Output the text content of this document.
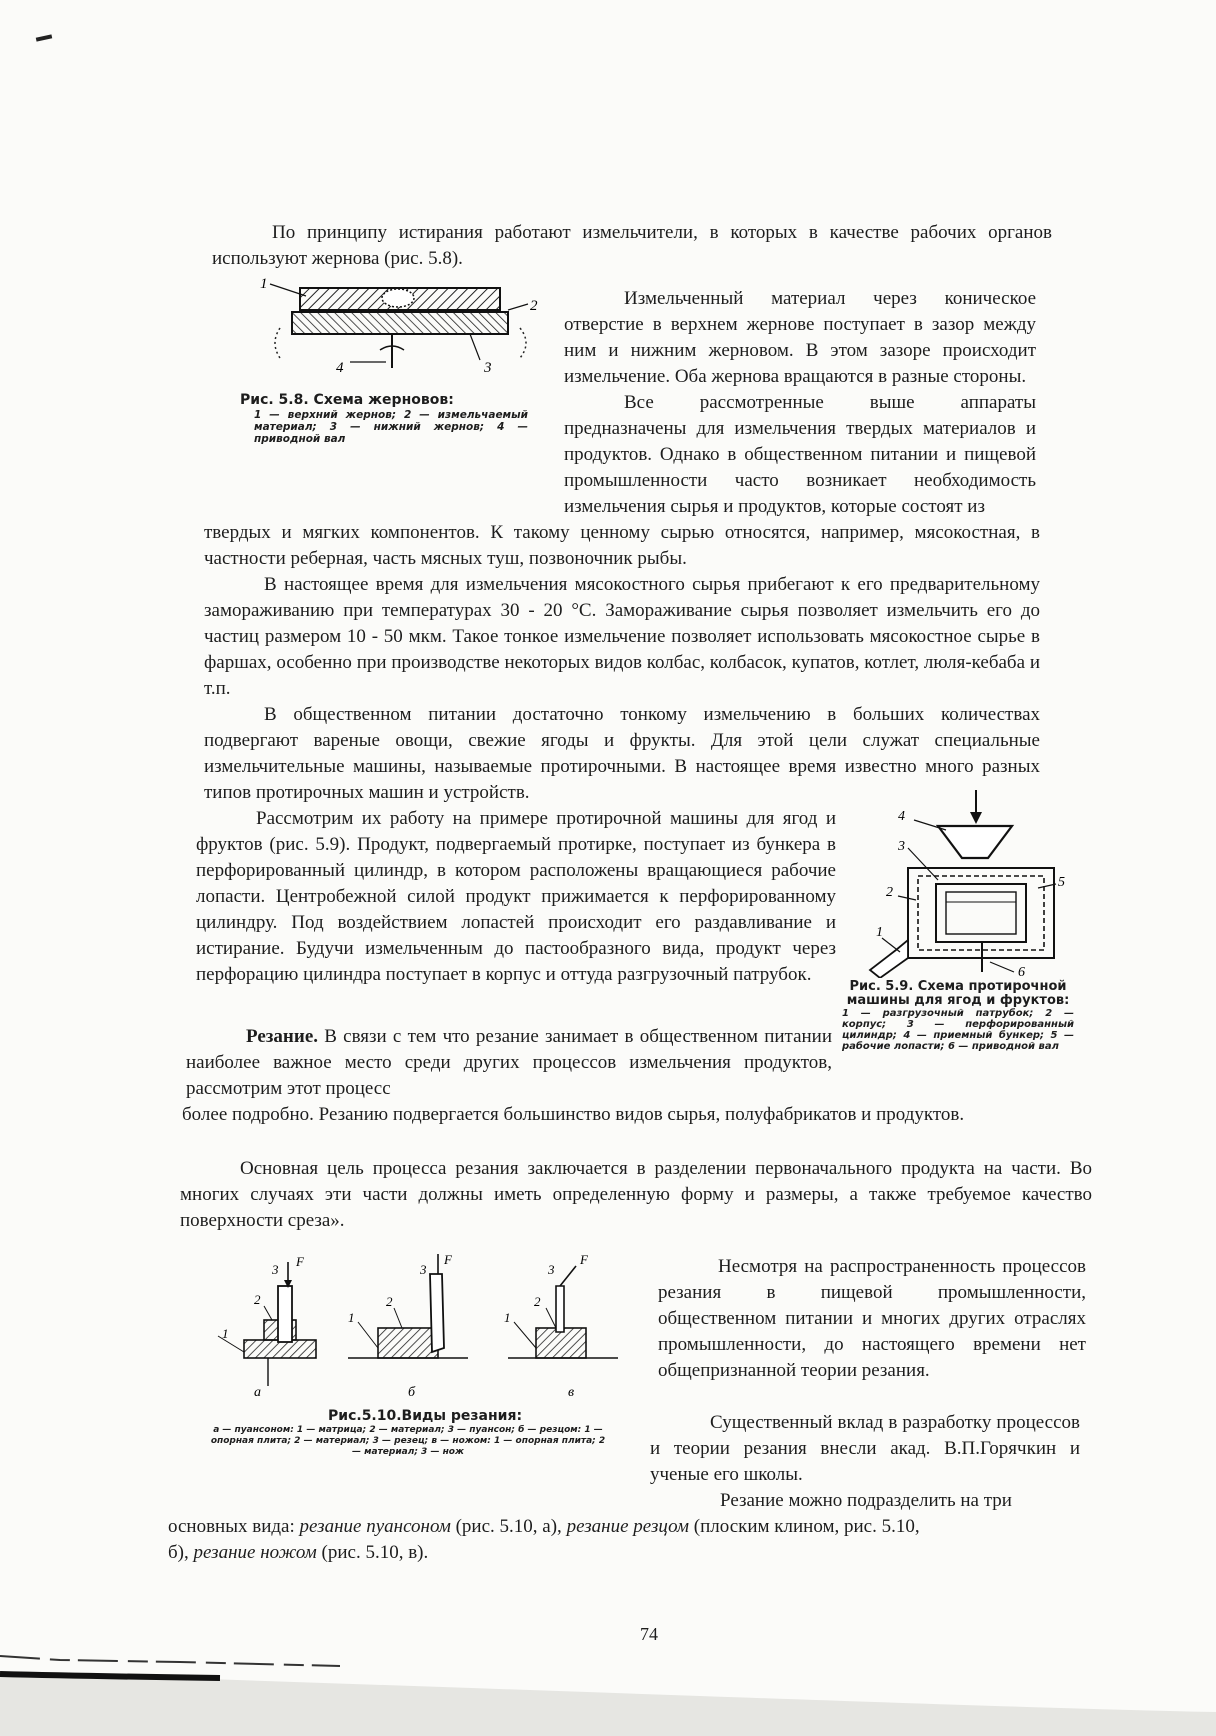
По принципу истирания работают измельчители, в которых в качестве рабочих органов используют жернова (рис. 5.8).

1
2
3
4
Рис. 5.8. Схема жерновов:
1 — верхний жернов; 2 — измельчаемый материал; 3 — нижний жернов; 4 — приводной вал

Измельченный материал через коническое отверстие в верхнем жернове поступает в зазор между ним и нижним жерновом. В этом зазоре происходит измельчение. Оба жернова вращаются в разные стороны.

Все рассмотренные выше аппараты предназначены для измельчения твердых материалов и продуктов. Однако в общественном питании и пищевой промышленности часто возникает необходимость измельчения сырья и продуктов, которые состоят из

твердых и мягких компонентов. К такому ценному сырью относятся, например, мясокостная, в частности реберная, часть мясных туш, позвоночник рыбы.

В настоящее время для измельчения мясокостного сырья прибегают к его предварительному замораживанию при температурах 30 - 20 °С. Замораживание сырья позволяет измельчить его до частиц размером 10 - 50 мкм. Такое тонкое измельчение позволяет использовать мясокостное сырье в фаршах, особенно при производстве некоторых видов колбас, колбасок, купатов, котлет, люля-кебаба и т.п.

В общественном питании достаточно тонкому измельчению в больших количествах подвергают вареные овощи, свежие ягоды и фрукты. Для этой цели служат специальные измельчительные машины, называемые протирочными. В настоящее время известно много разных типов протирочных машин и устройств.

Рассмотрим их работу на примере протирочной машины для ягод и фруктов (рис. 5.9). Продукт, подвергаемый протирке, поступает из бункера в перфорированный цилиндр, в котором расположены вращающиеся рабочие лопасти. Центробежной силой продукт прижимается к перфорированному цилиндру. Под воздействием лопастей происходит его раздавливание и истирание. Будучи измельченным до пастообразного вида, продукт через перфорацию цилиндра поступает в корпус и оттуда разгрузочный патрубок.

1
2
3
4
5
6
Рис. 5.9. Схема протирочной машины для ягод и фруктов:
1 — разгрузочный патрубок; 2 — корпус; 3 — перфорированный цилиндр; 4 — приемный бункер; 5 — рабочие лопасти; 6 — приводной вал

Резание. В связи с тем что резание занимает в общественном питании наиболее важное место среди других процессов измельчения продуктов, рассмотрим этот процесс

более подробно. Резанию подвергается большинство видов сырья, полуфабрикатов и продуктов.

Основная цель процесса резания заключается в разделении первоначального продукта на части. Во многих случаях эти части должны иметь определенную форму и размеры, а также требуемое качество поверхности среза».

1
2
3
F
а
1
2
3
F
б
1
2
3
F
в
Рис.5.10.Виды резания:
а — пуансоном: 1 — матрица; 2 — материал; 3 — пуансон; б — резцом: 1 — опорная плита; 2 — материал; 3 — резец; в — ножом: 1 — опорная плита; 2 — материал; 3 — нож

Несмотря на распространенность процессов резания в пищевой промышленности, общественном питании и многих других отраслях промышленности, до настоящего времени нет общепризнанной теории резания.

Существенный вклад в разработку процессов и теории резания внесли акад. В.П.Горячкин и ученые его школы.

Резание можно подразделить на три

основных вида: резание пуансоном (рис. 5.10, а), резание резцом (плоским клином, рис. 5.10,
б), резание ножом (рис. 5.10, в).

74
